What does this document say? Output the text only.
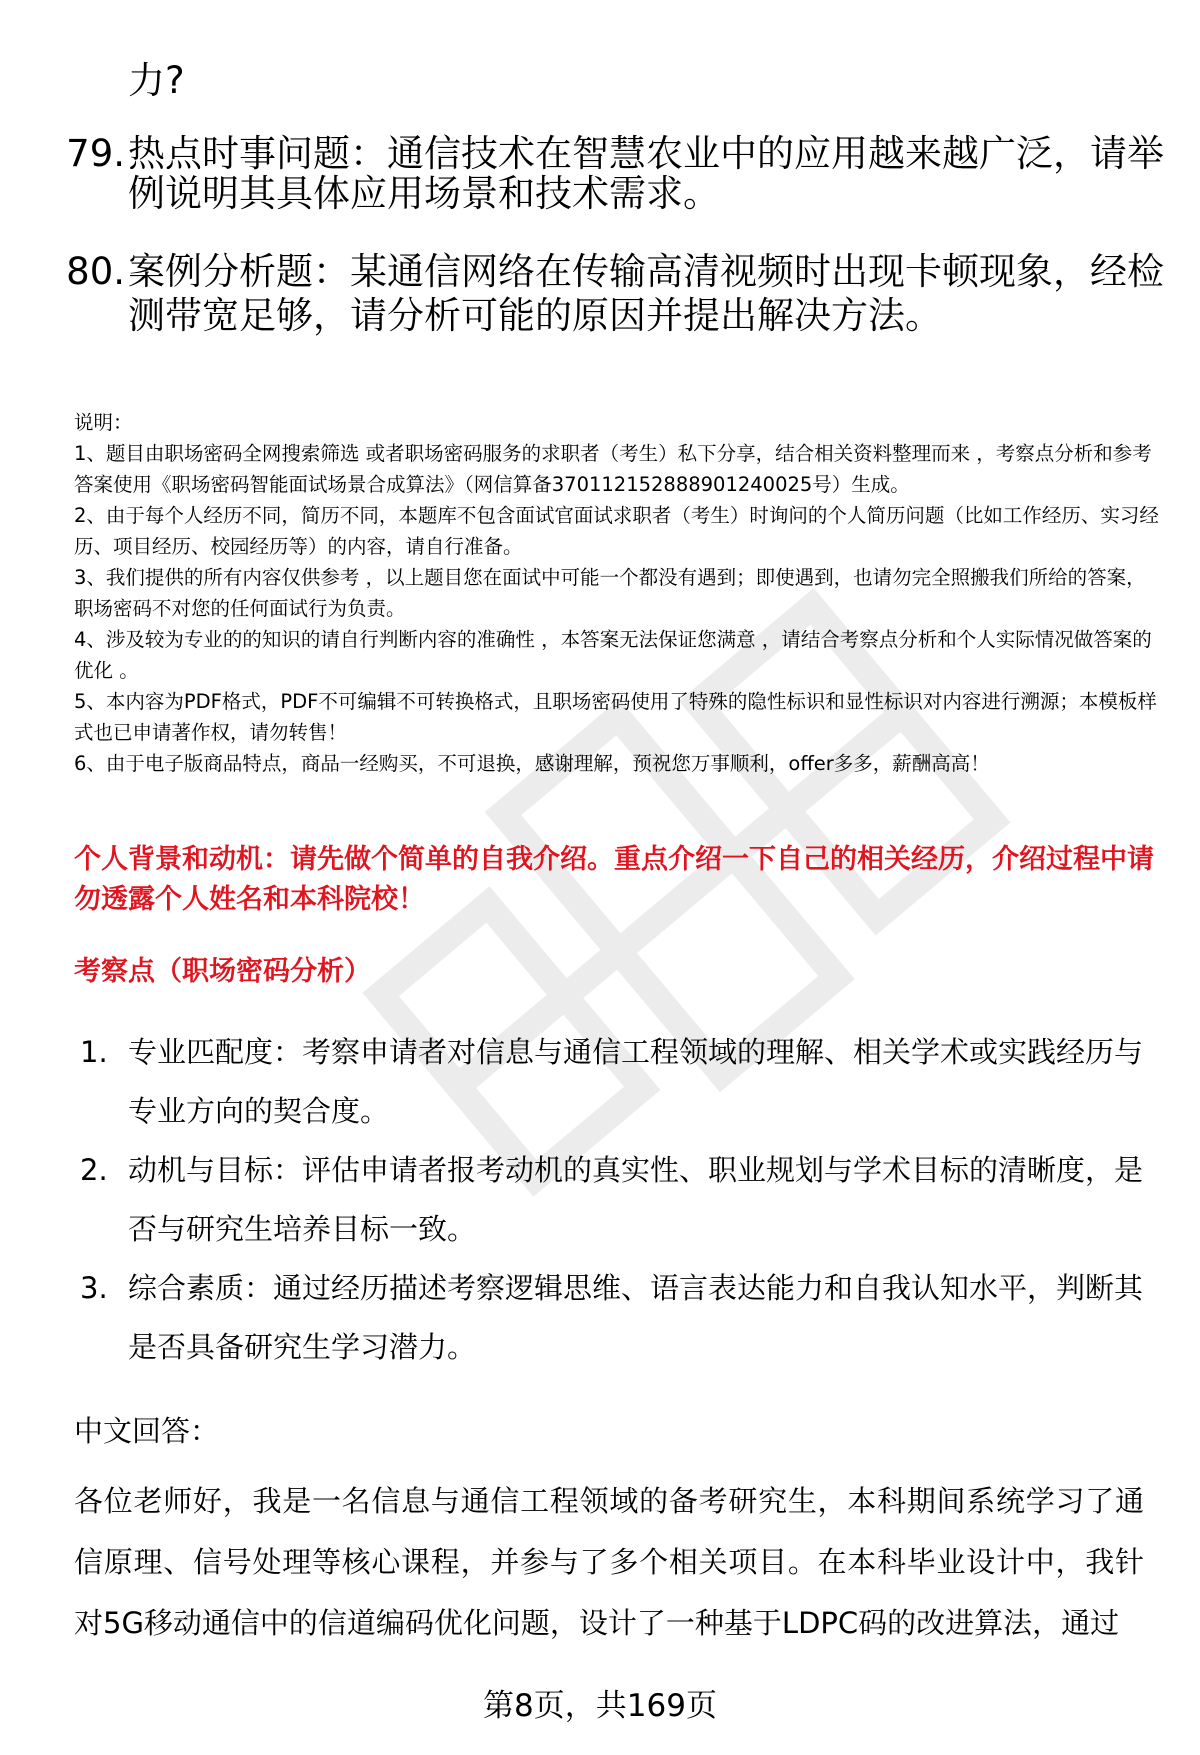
力?
79. 热点时事问题：通信技术在智慧农业中的应用越来越广泛，请举
例说明其具体应用场景和技术需求。
80. 案例分析题：某通信网络在传输高清视频时出现卡顿现象，经检
测带宽足够，请分析可能的原因并提出解决方法。

说明：

1、题目由职场密码全网搜索筛选 或者职场密码服务的求职者（考生）私下分享，结合相关资料整理而来 ，考察点分析和参考答案使用《职场密码智能面试场景合成算法》（网信算备370112152888901240025号）生成。

2、由于每个人经历不同，简历不同，本题库不包含面试官面试求职者（考生）时询问的个人简历问题（比如工作经历、实习经历、项目经历、校园经历等）的内容，请自行准备。

3、我们提供的所有内容仅供参考 ，以上题目您在面试中可能一个都没有遇到；即使遇到，也请勿完全照搬我们所给的答案，职场密码不对您的任何面试行为负责。

4、涉及较为专业的的知识的请自行判断内容的准确性 ，本答案无法保证您满意 ，请结合考察点分析和个人实际情况做答案的优化 。

5、本内容为PDF格式，PDF不可编辑不可转换格式，且职场密码使用了特殊的隐性标识和显性标识对内容进行溯源；本模板样式也已申请著作权，请勿转售！

6、由于电子版商品特点，商品一经购买，不可退换，感谢理解，预祝您万事顺利，offer多多，薪酬高高！

个人背景和动机：请先做个简单的自我介绍。重点介绍一下自己的相关经历，介绍过程中请勿透露个人姓名和本科院校！
考察点（职场密码分析）

1. 专业匹配度：考察申请者对信息与通信工程领域的理解、相关学术或实践经历与专业方向的契合度。

2. 动机与目标：评估申请者报考动机的真实性、职业规划与学术目标的清晰度，是否与研究生培养目标一致。

3. 综合素质：通过经历描述考察逻辑思维、语言表达能力和自我认知水平，判断其是否具备研究生学习潜力。

中文回答：
各位老师好，我是一名信息与通信工程领域的备考研究生，本科期间系统学习了通信原理、信号处理等核心课程，并参与了多个相关项目。在本科毕业设计中，我针对5G移动通信中的信道编码优化问题，设计了一种基于LDPC码的改进算法，通过
第8页，共169页
